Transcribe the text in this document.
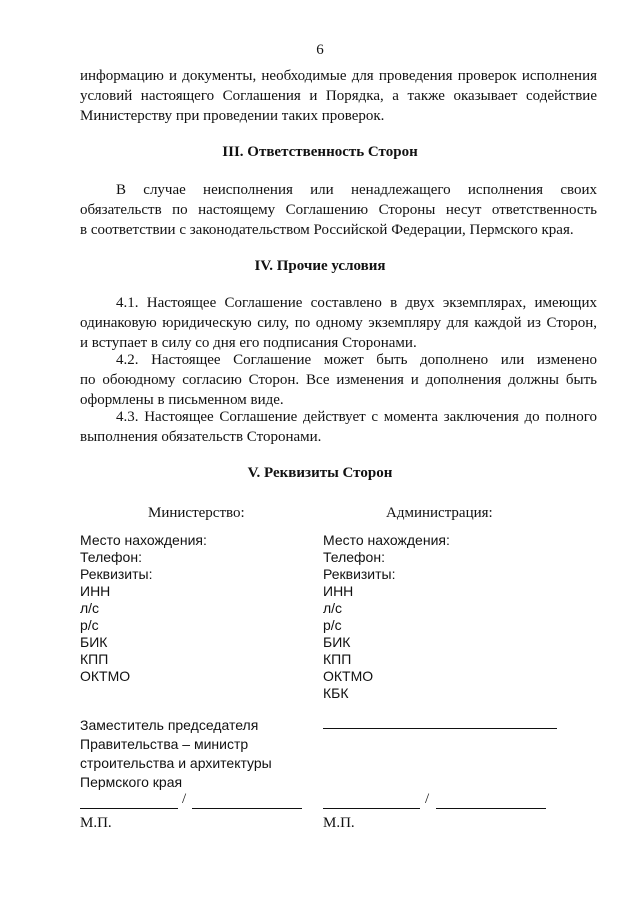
6
информацию и документы, необходимые для проведения проверок исполнения
условий настоящего Соглашения и Порядка, а также оказывает содействие
Министерству при проведении таких проверок.
III. Ответственность Сторон
В случае неисполнения или ненадлежащего исполнения своих
обязательств по настоящему Соглашению Стороны несут ответственность
в соответствии с законодательством Российской Федерации, Пермского края.
IV. Прочие условия
4.1. Настоящее Соглашение составлено в двух экземплярах, имеющих
одинаковую юридическую силу, по одному экземпляру для каждой из Сторон,
и вступает в силу со дня его подписания Сторонами.
4.2. Настоящее Соглашение может быть дополнено или изменено
по обоюдному согласию Сторон. Все изменения и дополнения должны быть
оформлены в письменном виде.
4.3. Настоящее Соглашение действует с момента заключения до полного
выполнения обязательств Сторонами.
V. Реквизиты Сторон
Министерство:
Место нахождения:
Телефон:
Реквизиты:
ИНН
л/с
р/с
БИК
КПП
ОКТМО
Заместитель председателя
Правительства – министр
строительства и архитектуры
Пермского края
/
М.П.
Администрация:
Место нахождения:
Телефон:
Реквизиты:
ИНН
л/с
р/с
БИК
КПП
ОКТМО
КБК
/
М.П.
